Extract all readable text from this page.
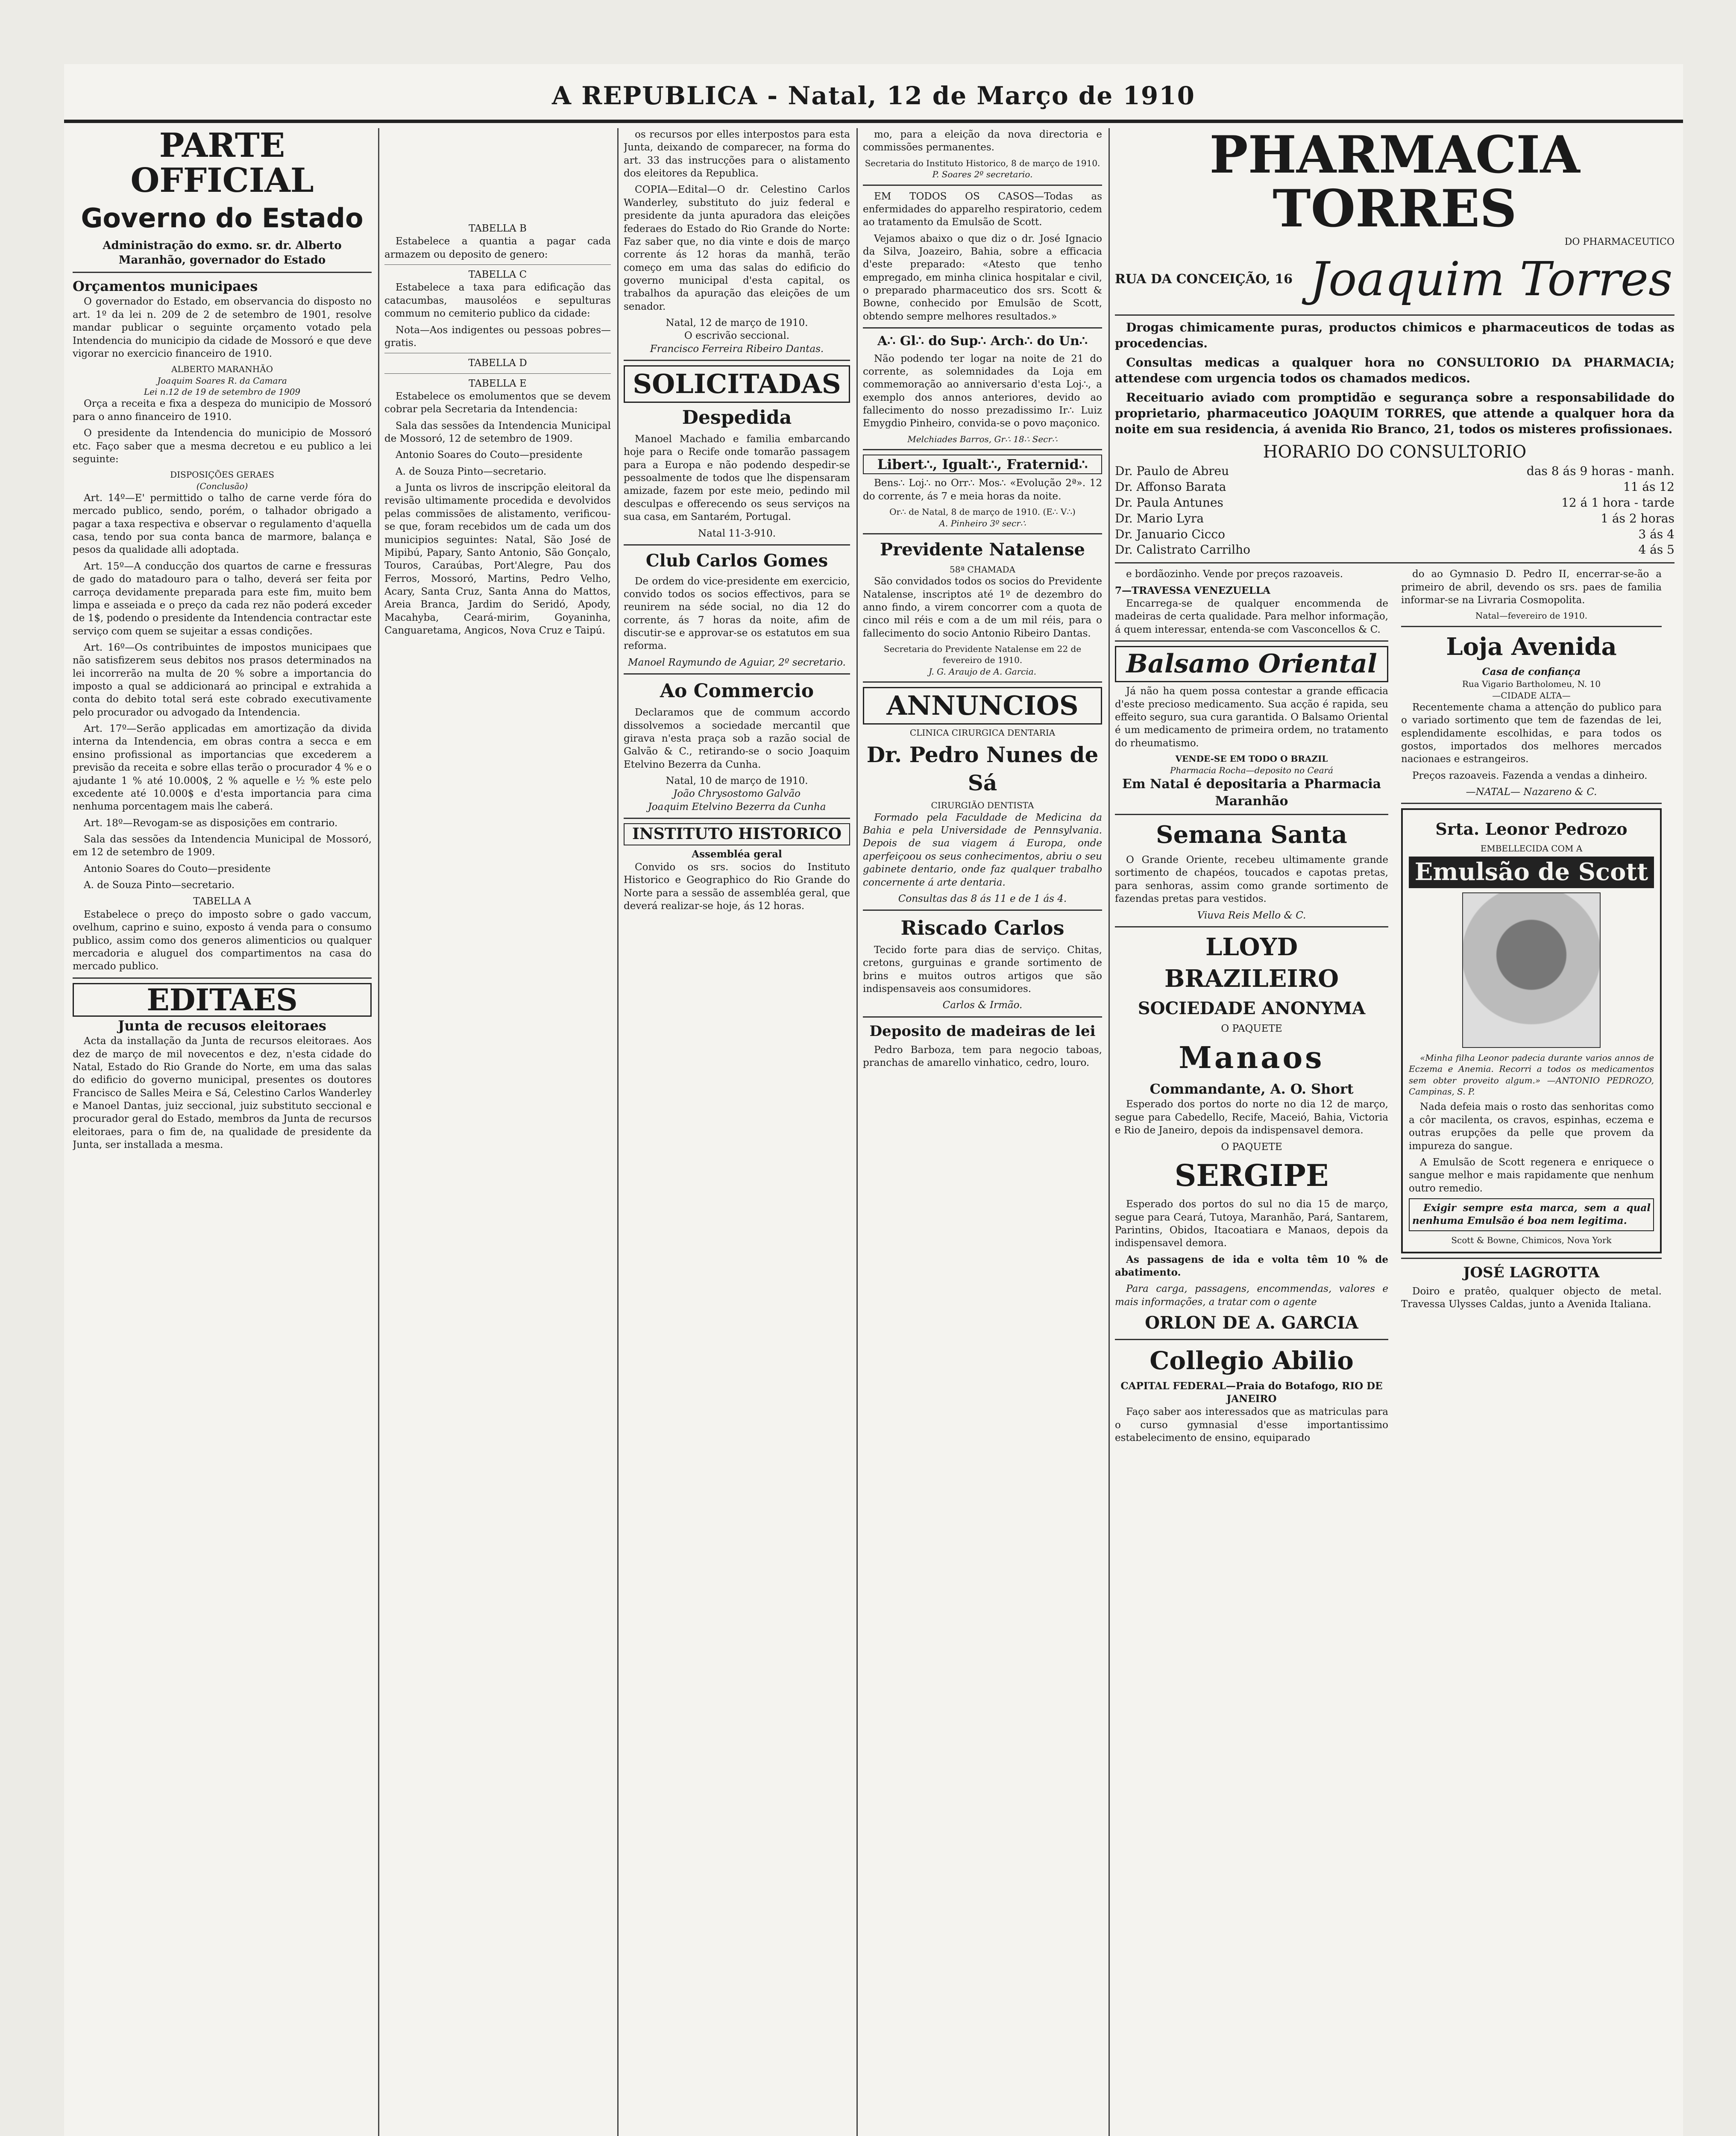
A REPUBLICA - Natal, 12 de Março de 1910
PARTE OFFICIAL
Governo do Estado
Administração do exmo. sr. dr. Alberto Maranhão, governador do Estado
Orçamentos municipaes

O governador do Estado, em observancia do disposto no art. 1º da lei n. 209 de 2 de setembro de 1901, resolve mandar publicar o seguinte orçamento votado pela Intendencia do municipio da cidade de Mossoró e que deve vigorar no exercicio financeiro de 1910.

ALBERTO MARANHÃO
Joaquim Soares R. da Camara
Lei n.12 de 19 de setembro de 1909

Orça a receita e fixa a despeza do municipio de Mossoró para o anno financeiro de 1910.

O presidente da Intendencia do municipio de Mossoró etc. Faço saber que a mesma decretou e eu publico a lei seguinte:

DISPOSIÇÕES GERAES
(Conclusão)

Art. 14º—E' permittido o talho de carne verde fóra do mercado publico, sendo, porém, o talhador obrigado a pagar a taxa respectiva e observar o regulamento d'aquella casa, tendo por sua conta banca de marmore, balança e pesos da qualidade alli adoptada.

Art. 15º—A conducção dos quartos de carne e fressuras de gado do matadouro para o talho, deverá ser feita por carroça devidamente preparada para este fim, muito bem limpa e asseiada e o preço da cada rez não poderá exceder de 1$, podendo o presidente da Intendencia contractar este serviço com quem se sujeitar a essas condições.

Art. 16º—Os contribuintes de impostos municipaes que não satisfizerem seus debitos nos prasos determinados na lei incorrerão na multa de 20 % sobre a importancia do imposto a qual se addicionará ao principal e extrahida a conta do debito total será este cobrado executivamente pelo procurador ou advogado da Intendencia.

Art. 17º—Serão applicadas em amortização da divida interna da Intendencia, em obras contra a secca e em ensino profissional as importancias que excederem a previsão da receita e sobre ellas terão o procurador 4 % e o ajudante 1 % até 10.000$, 2 % aquelle e ½ % este pelo excedente até 10.000$ e d'esta importancia para cima nenhuma porcentagem mais lhe caberá.

Art. 18º—Revogam-se as disposições em contrario.

Sala das sessões da Intendencia Municipal de Mossoró, em 12 de setembro de 1909.

Antonio Soares do Couto—presidente

A. de Souza Pinto—secretario.

TABELLA A

Estabelece o preço do imposto sobre o gado vaccum, ovelhum, caprino e suino, exposto á venda para o consumo publico, assim como dos generos alimenticios ou qualquer mercadoria e aluguel dos compartimentos na casa do mercado publico.

EDITAES
Junta de recusos eleitoraes

Acta da installação da Junta de recursos eleitoraes. Aos dez de março de mil novecentos e dez, n'esta cidade do Natal, Estado do Rio Grande do Norte, em uma das salas do edificio do governo municipal, presentes os doutores Francisco de Salles Meira e Sá, Celestino Carlos Wanderley e Manoel Dantas, juiz seccional, juiz substituto seccional e procurador geral do Estado, membros da Junta de recursos eleitoraes, para o fim de, na qualidade de presidente da Junta, ser installada a mesma.

TABELLA B

Estabelece a quantia a pagar cada armazem ou deposito de genero:

TABELLA C

Estabelece a taxa para edificação das catacumbas, mausoléos e sepulturas commum no cemiterio publico da cidade:

Nota—Aos indigentes ou pessoas pobres—gratis.

TABELLA D
TABELLA E

Estabelece os emolumentos que se devem cobrar pela Secretaria da Intendencia:

Sala das sessões da Intendencia Municipal de Mossoró, 12 de setembro de 1909.

Antonio Soares do Couto—presidente

A. de Souza Pinto—secretario.

a Junta os livros de inscripção eleitoral da revisão ultimamente procedida e devolvidos pelas commissões de alistamento, verificou-se que, foram recebidos um de cada um dos municipios seguintes: Natal, São José de Mipibú, Papary, Santo Antonio, São Gonçalo, Touros, Caraúbas, Port'Alegre, Pau dos Ferros, Mossoró, Martins, Pedro Velho, Acary, Santa Cruz, Santa Anna do Mattos, Areia Branca, Jardim do Seridó, Apody, Macahyba, Ceará-mirim, Goyaninha, Canguaretama, Angicos, Nova Cruz e Taipú.

os recursos por elles interpostos para esta Junta, deixando de comparecer, na forma do art. 33 das instrucções para o alistamento dos eleitores da Republica.

COPIA—Edital—O dr. Celestino Carlos Wanderley, substituto do juiz federal e presidente da junta apuradora das eleições federaes do Estado do Rio Grande do Norte: Faz saber que, no dia vinte e dois de março corrente ás 12 horas da manhã, terão começo em uma das salas do edificio do governo municipal d'esta capital, os trabalhos da apuração das eleições de um senador.

Natal, 12 de março de 1910.
O escrivão seccional.
Francisco Ferreira Ribeiro Dantas.
SOLICITADAS
Despedida

Manoel Machado e familia embarcando hoje para o Recife onde tomarão passagem para a Europa e não podendo despedir-se pessoalmente de todos que lhe dispensaram amizade, fazem por este meio, pedindo mil desculpas e offerecendo os seus serviços na sua casa, em Santarém, Portugal.

Natal 11-3-910.
Club Carlos Gomes

De ordem do vice-presidente em exercicio, convido todos os socios effectivos, para se reunirem na séde social, no dia 12 do corrente, ás 7 horas da noite, afim de discutir-se e approvar-se os estatutos em sua reforma.

Manoel Raymundo de Aguiar, 2º secretario.
Ao Commercio

Declaramos que de commum accordo dissolvemos a sociedade mercantil que girava n'esta praça sob a razão social de Galvão & C., retirando-se o socio Joaquim Etelvino Bezerra da Cunha.

Natal, 10 de março de 1910.
João Chrysostomo Galvão
Joaquim Etelvino Bezerra da Cunha
INSTITUTO HISTORICO
Assembléa geral

Convido os srs. socios do Instituto Historico e Geographico do Rio Grande do Norte para a sessão de assembléa geral, que deverá realizar-se hoje, ás 12 horas.

mo, para a eleição da nova directoria e commissões permanentes.

Secretaria do Instituto Historico, 8 de março de 1910.
P. Soares 2º secretario.

EM TODOS OS CASOS—Todas as enfermidades do apparelho respiratorio, cedem ao tratamento da Emulsão de Scott.

Vejamos abaixo o que diz o dr. José Ignacio da Silva, Joazeiro, Bahia, sobre a efficacia d'este preparado: «Atesto que tenho empregado, em minha clinica hospitalar e civil, o preparado pharmaceutico dos srs. Scott & Bowne, conhecido por Emulsão de Scott, obtendo sempre melhores resultados.»

A∴ Gl∴ do Sup∴ Arch∴ do Un∴

Não podendo ter logar na noite de 21 do corrente, as solemnidades da Loja em commemoração ao anniversario d'esta Loj∴, a exemplo dos annos anteriores, devido ao fallecimento do nosso prezadissimo Ir∴ Luiz Emygdio Pinheiro, convida-se o povo maçonico.

Melchiades Barros, Gr∴ 18∴ Secr∴
Libert∴, Igualt∴, Fraternid∴

Bens∴ Loj∴ no Orr∴ Mos∴ «Evolução 2ª». 12 do corrente, ás 7 e meia horas da noite.

Or∴ de Natal, 8 de março de 1910. (E∴ V∴)
A. Pinheiro 3º secr∴
Previdente Natalense
58ª CHAMADA

São convidados todos os socios do Previdente Natalense, inscriptos até 1º de dezembro do anno findo, a virem concorrer com a quota de cinco mil réis e com a de um mil réis, para o fallecimento do socio Antonio Ribeiro Dantas.

Secretaria do Previdente Natalense em 22 de fevereiro de 1910.
J. G. Araujo de A. Garcia.
ANNUNCIOS
CLINICA CIRURGICA DENTARIA
Dr. Pedro Nunes de Sá
CIRURGIÃO DENTISTA

Formado pela Faculdade de Medicina da Bahia e pela Universidade de Pennsylvania. Depois de sua viagem á Europa, onde aperfeiçoou os seus conhecimentos, abriu o seu gabinete dentario, onde faz qualquer trabalho concernente á arte dentaria.

Consultas das 8 ás 11 e de 1 ás 4.
Riscado Carlos

Tecido forte para dias de serviço. Chitas, cretons, gurguinas e grande sortimento de brins e muitos outros artigos que são indispensaveis aos consumidores.

Carlos & Irmão.
Deposito de madeiras de lei

Pedro Barboza, tem para negocio taboas, pranchas de amarello vinhatico, cedro, louro.

PHARMACIA TORRES
DO PHARMACEUTICO
RUA DA CONCEIÇÃO, 16 Joaquim Torres

Drogas chimicamente puras, productos chimicos e pharmaceuticos de todas as procedencias.

Consultas medicas a qualquer hora no CONSULTORIO DA PHARMACIA; attendese com urgencia todos os chamados medicos.

Receituario aviado com promptidão e segurança sobre a responsabilidade do proprietario, pharmaceutico JOAQUIM TORRES, que attende a qualquer hora da noite em sua residencia, á avenida Rio Branco, 21, todos os misteres profissionaes.

HORARIO DO CONSULTORIO
Dr. Paulo de Abreu	das 8 ás 9 horas - manh.
Dr. Affonso Barata	11 ás 12
Dr. Paula Antunes	12 á 1 hora - tarde
Dr. Mario Lyra	1 ás 2 horas
Dr. Januario Cicco	3 ás 4
Dr. Calistrato Carrilho	4 ás 5

e bordãozinho. Vende por preços razoaveis.

7—TRAVESSA VENEZUELLA

Encarrega-se de qualquer encommenda de madeiras de certa qualidade. Para melhor informação, á quem interessar, entenda-se com Vasconcellos & C.

Balsamo Oriental

Já não ha quem possa contestar a grande efficacia d'este precioso medicamento. Sua acção é rapida, seu effeito seguro, sua cura garantida. O Balsamo Oriental é um medicamento de primeira ordem, no tratamento do rheumatismo.

VENDE-SE EM TODO O BRAZIL
Pharmacia Rocha—deposito no Ceará
Em Natal é depositaria a Pharmacia Maranhão
Semana Santa

O Grande Oriente, recebeu ultimamente grande sortimento de chapéos, toucados e capotas pretas, para senhoras, assim como grande sortimento de fazendas pretas para vestidos.

Viuva Reis Mello & C.
LLOYD BRAZILEIRO
SOCIEDADE ANONYMA
O PAQUETE
Manaos
Commandante, A. O. Short

Esperado dos portos do norte no dia 12 de março, segue para Cabedello, Recife, Maceió, Bahia, Victoria e Rio de Janeiro, depois da indispensavel demora.

O PAQUETE
SERGIPE

Esperado dos portos do sul no dia 15 de março, segue para Ceará, Tutoya, Maranhão, Pará, Santarem, Parintins, Obidos, Itacoatiara e Manaos, depois da indispensavel demora.

As passagens de ida e volta têm 10 % de abatimento.

Para carga, passagens, encommendas, valores e mais informações, a tratar com o agente

ORLON DE A. GARCIA
Collegio Abilio
CAPITAL FEDERAL—Praia do Botafogo, RIO DE JANEIRO

Faço saber aos interessados que as matriculas para o curso gymnasial d'esse importantissimo estabelecimento de ensino, equiparado

do ao Gymnasio D. Pedro II, encerrar-se-ão a primeiro de abril, devendo os srs. paes de familia informar-se na Livraria Cosmopolita.

Natal—fevereiro de 1910.
Loja Avenida
Casa de confiança
Rua Vigario Bartholomeu, N. 10
—CIDADE ALTA—

Recentemente chama a attenção do publico para o variado sortimento que tem de fazendas de lei, esplendidamente escolhidas, e para todos os gostos, importados dos melhores mercados nacionaes e estrangeiros.

Preços razoaveis. Fazenda a vendas a dinheiro.

—NATAL— Nazareno & C.
Srta. Leonor Pedrozo
EMBELLECIDA COM A
Emulsão de Scott

«Minha filha Leonor padecia durante varios annos de Eczema e Anemia. Recorri a todos os medicamentos sem obter proveito algum.» —ANTONIO PEDROZO, Campinas, S. P.

Nada defeia mais o rosto das senhoritas como a côr macilenta, os cravos, espinhas, eczema e outras erupções da pelle que provem da impureza do sangue.

A Emulsão de Scott regenera e enriquece o sangue melhor e mais rapidamente que nenhum outro remedio.

Exigir sempre esta marca, sem a qual nenhuma Emulsão é boa nem legitima.

Scott & Bowne, Chimicos, Nova York
JOSÉ LAGROTTA

Doiro e pratêo, qualquer objecto de metal. Travessa Ulysses Caldas, junto a Avenida Italiana.
